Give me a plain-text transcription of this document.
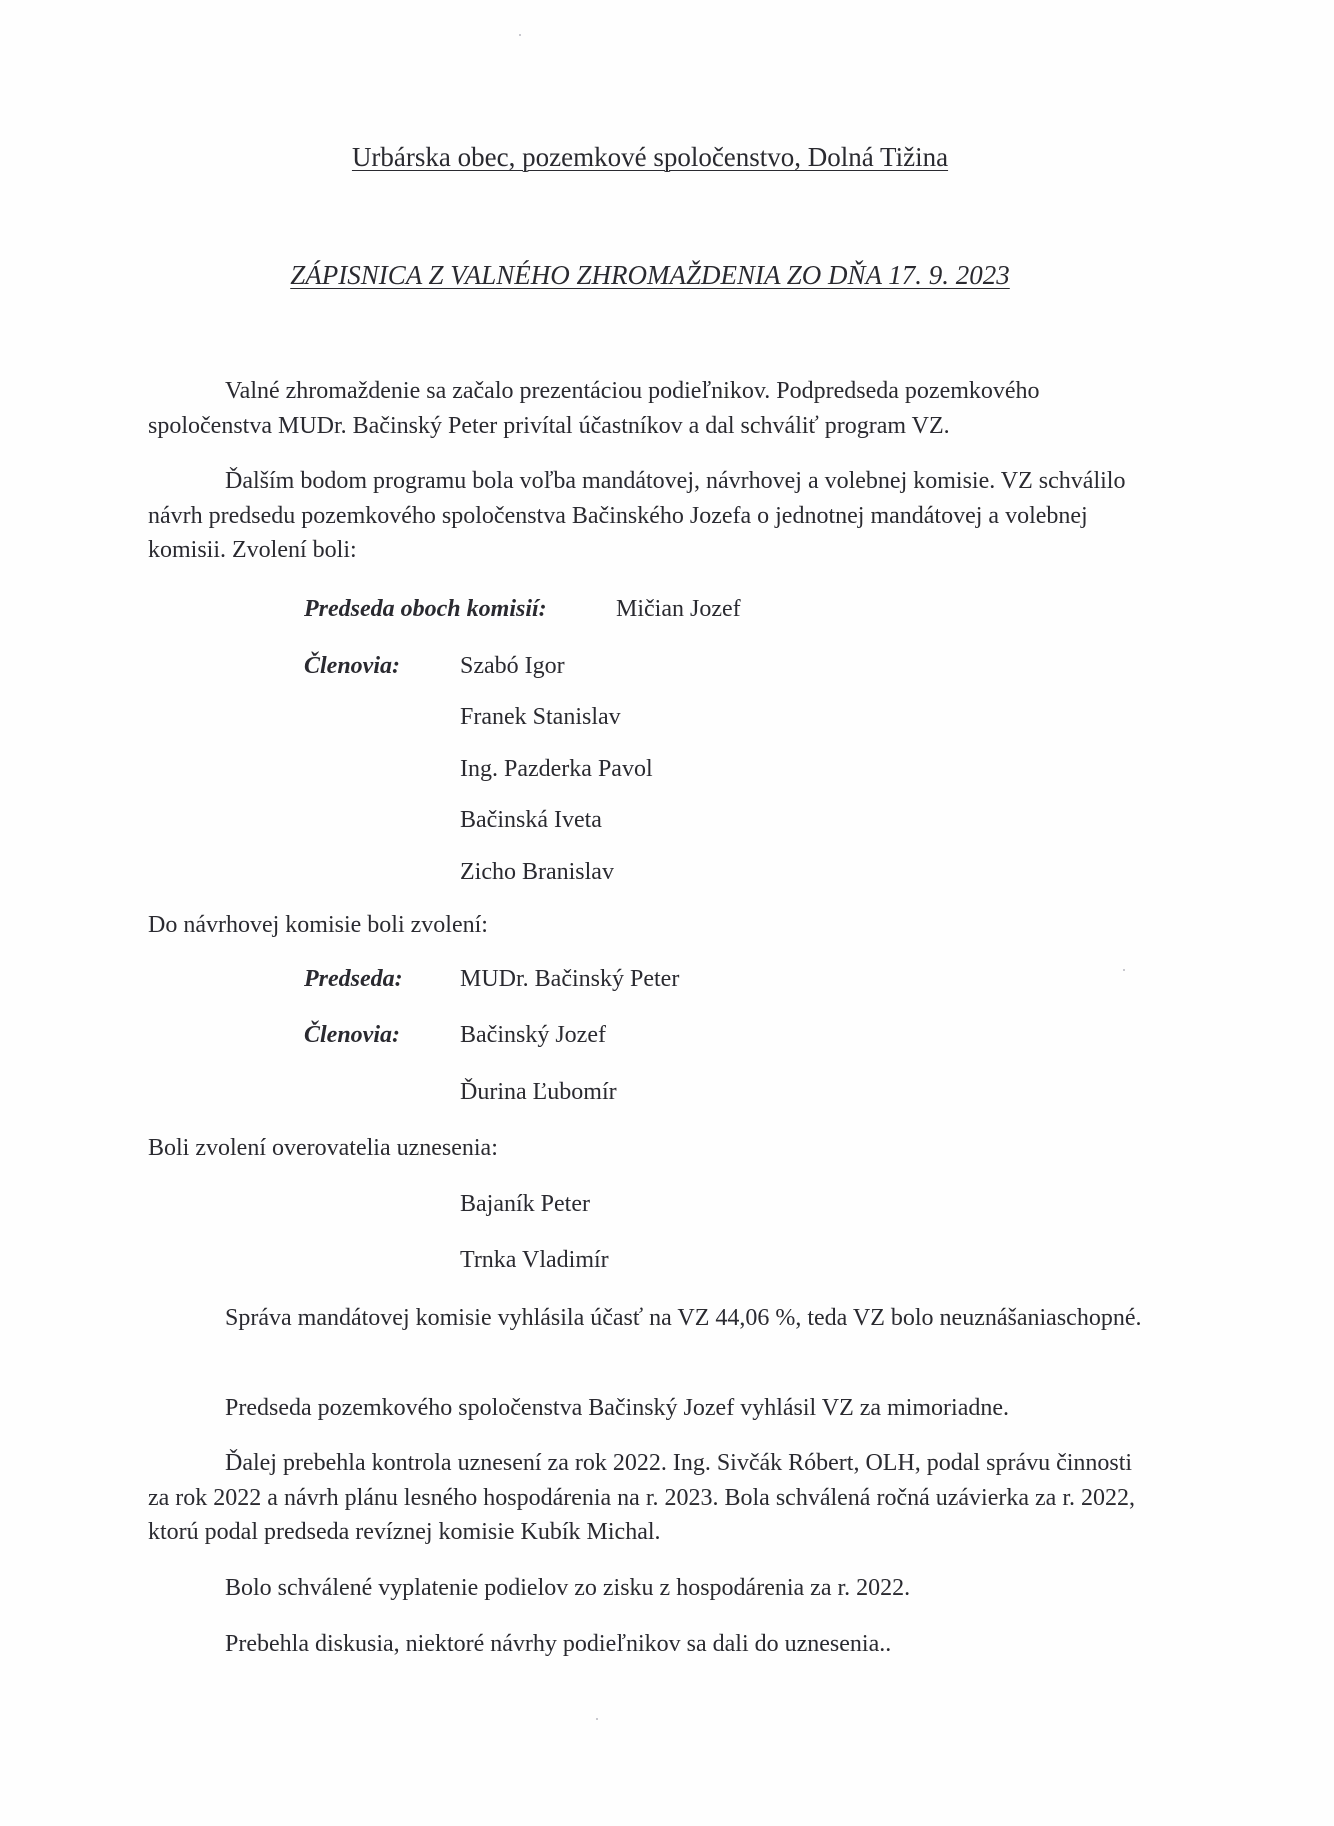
Urbárska obec, pozemkové spoločenstvo, Dolná Tižina
ZÁPISNICA Z VALNÉHO ZHROMAŽDENIA ZO DŇA 17. 9. 2023

Valné zhromaždenie sa začalo prezentáciou podieľnikov. Podpredseda pozemkového spoločenstva MUDr. Bačinský Peter privítal účastníkov a dal schváliť program VZ.

Ďalším bodom programu bola voľba mandátovej, návrhovej a volebnej komisie. VZ schválilo návrh predsedu pozemkového spoločenstva Bačinského Jozefa o jednotnej mandátovej a volebnej komisii. Zvolení boli:

Predseda oboch komisií:	Mičian Jozef
Členovia:	Szabó Igor
Franek Stanislav
Ing. Pazderka Pavol
Bačinská Iveta
Zicho Branislav
Do návrhovej komisie boli zvolení:
Predseda: MUDr. Bačinský Peter
Členovia:	Bačinský Jozef
Ďurina Ľubomír
Boli zvolení overovatelia uznesenia:
Bajaník Peter
Trnka Vladimír

Správa mandátovej komisie vyhlásila účasť na VZ 44,06 %, teda VZ bolo neuznášaniaschopné.

Predseda pozemkového spoločenstva Bačinský Jozef vyhlásil VZ za mimoriadne.

Ďalej prebehla kontrola uznesení za rok 2022. Ing. Sivčák Róbert, OLH, podal správu činnosti za rok 2022 a návrh plánu lesného hospodárenia na r. 2023. Bola schválená ročná uzávierka za r. 2022, ktorú podal predseda revíznej komisie Kubík Michal.

Bolo schválené vyplatenie podielov zo zisku z hospodárenia za r. 2022.

Prebehla diskusia, niektoré návrhy podieľnikov sa dali do uznesenia..
